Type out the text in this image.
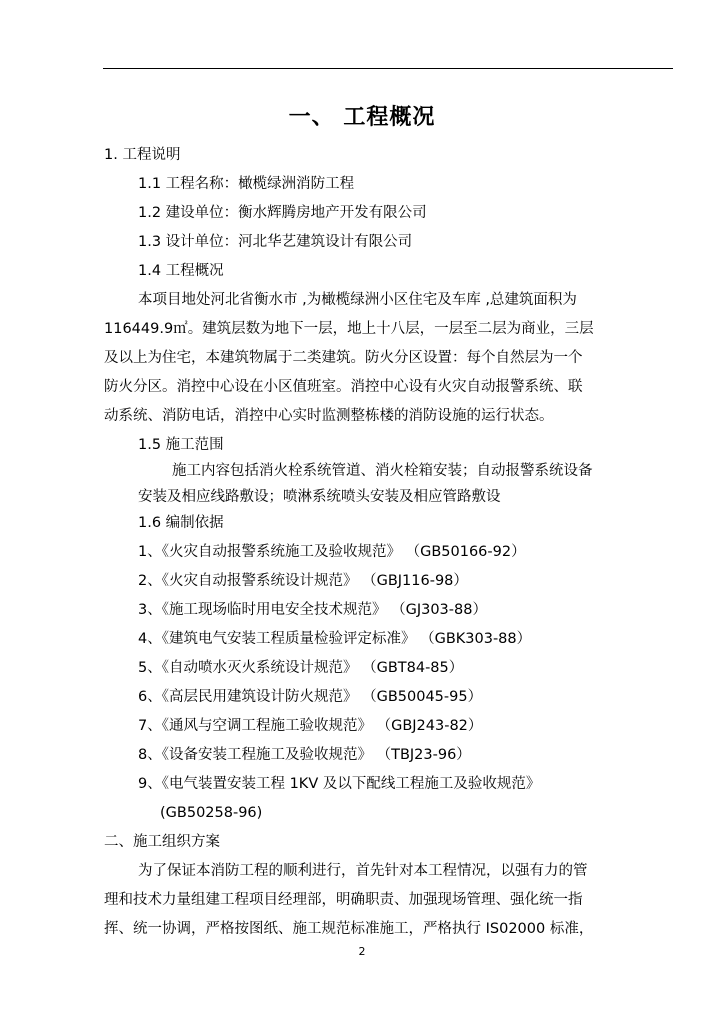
一、 工程概况
1. 工程说明
1.1 工程名称：橄榄绿洲消防工程
1.2 建设单位：衡水辉腾房地产开发有限公司
1.3 设计单位：河北华艺建筑设计有限公司
1.4 工程概况
本项目地处河北省衡水市 ,为橄榄绿洲小区住宅及车库 ,总建筑面积为
116449.9㎡。建筑层数为地下一层，地上十八层，一层至二层为商业，三层
及以上为住宅，本建筑物属于二类建筑。防火分区设置：每个自然层为一个
防火分区。消控中心设在小区值班室。消控中心设有火灾自动报警系统、联
动系统、消防电话，消控中心实时监测整栋楼的消防设施的运行状态。
1.5 施工范围
施工内容包括消火栓系统管道、消火栓箱安装；自动报警系统设备
安装及相应线路敷设；喷淋系统喷头安装及相应管路敷设
1.6 编制依据
1、《火灾自动报警系统施工及验收规范》 （GB50166-92）
2、《火灾自动报警系统设计规范》 （GBJ116-98）
3、《施工现场临时用电安全技术规范》 （GJ303-88）
4、《建筑电气安装工程质量检验评定标准》 （GBK303-88）
5、《自动喷水灭火系统设计规范》 （GBT84-85）
6、《高层民用建筑设计防火规范》 （GB50045-95）
7、《通风与空调工程施工验收规范》 （GBJ243-82）
8、《设备安装工程施工及验收规范》 （TBJ23-96）
9、《电气装置安装工程 1KV 及以下配线工程施工及验收规范》
(GB50258-96)
二、施工组织方案
为了保证本消防工程的顺利进行，首先针对本工程情况，以强有力的管
理和技术力量组建工程项目经理部，明确职责、加强现场管理、强化统一指
挥、统一协调，严格按图纸、施工规范标准施工，严格执行 IS02000 标准，
2
